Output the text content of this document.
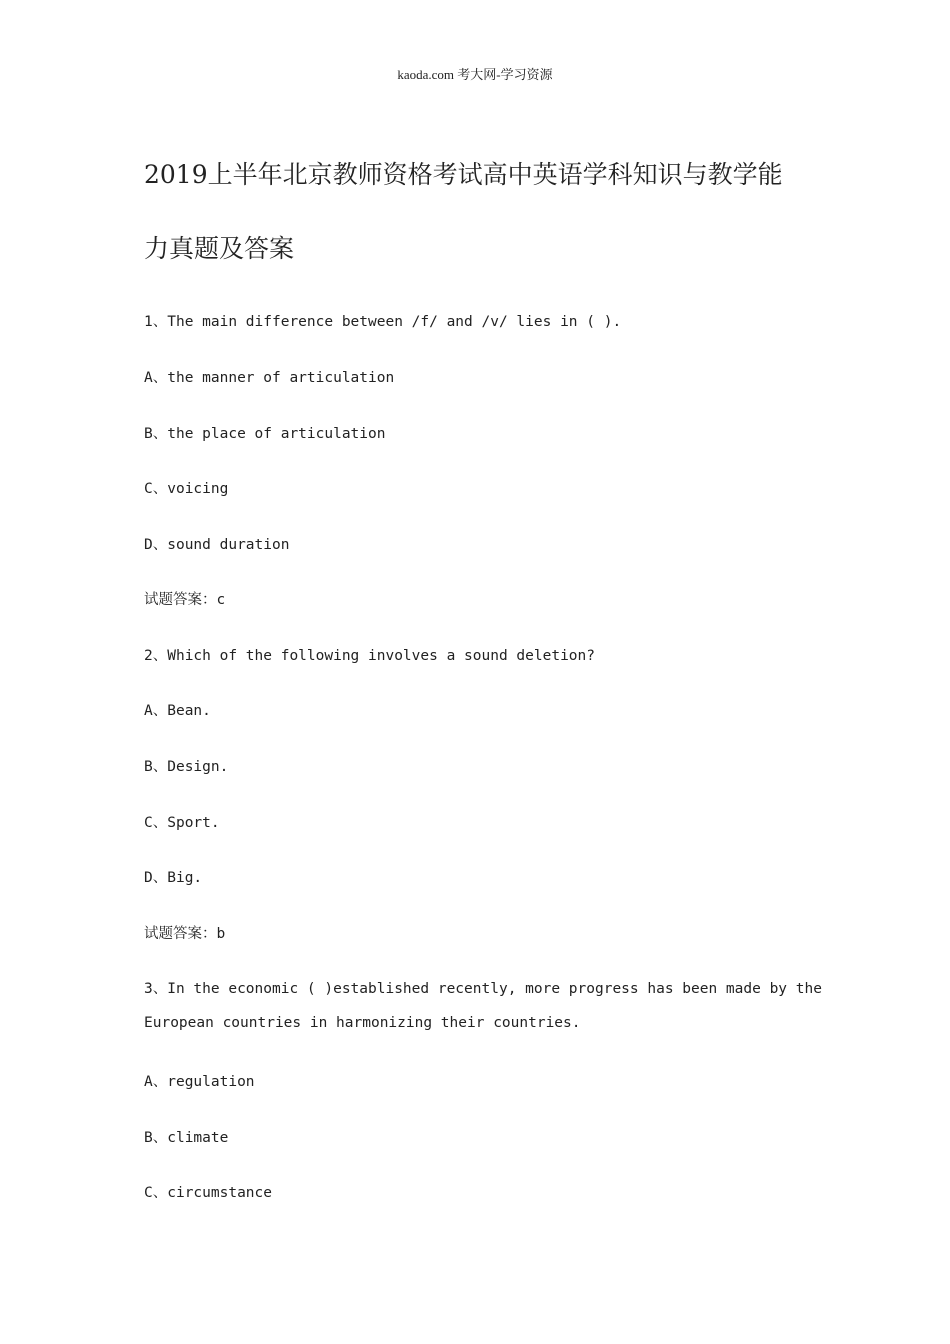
kaoda.com 考大网-学习资源
2019上半年北京教师资格考试高中英语学科知识与教学能
力真题及答案
1、The main difference between /f/ and /v/ lies in ( ).
A、the manner of articulation
B、the place of articulation
C、voicing
D、sound duration
试题答案：c
2、Which of the following involves a sound deletion?
A、Bean.
B、Design.
C、Sport.
D、Big.
试题答案：b
3、In the economic ( )established recently, more progress has been made by the
European countries in harmonizing their countries.
A、regulation
B、climate
C、circumstance
